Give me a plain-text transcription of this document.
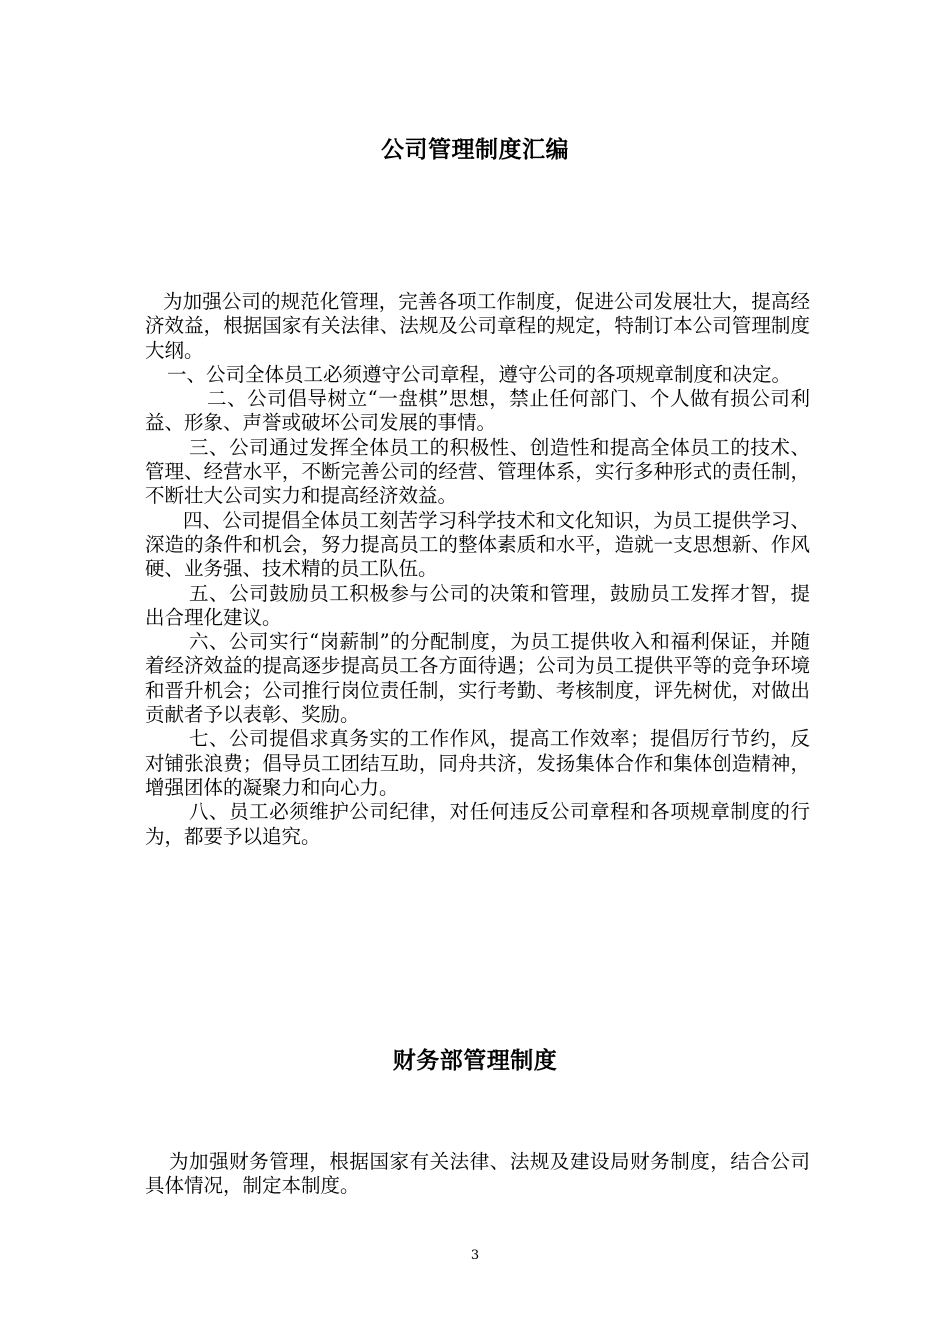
公司管理制度汇编

为加强公司的规范化管理，完善各项工作制度，促进公司发展壮大，提高经济效益，根据国家有关法律、法规及公司章程的规定，特制订本公司管理制度大纲。

一、公司全体员工必须遵守公司章程，遵守公司的各项规章制度和决定。

二、公司倡导树立“一盘棋”思想，禁止任何部门、个人做有损公司利益、形象、声誉或破坏公司发展的事情。

三、公司通过发挥全体员工的积极性、创造性和提高全体员工的技术、管理、经营水平，不断完善公司的经营、管理体系，实行多种形式的责任制，不断壮大公司实力和提高经济效益。

四、公司提倡全体员工刻苦学习科学技术和文化知识，为员工提供学习、深造的条件和机会，努力提高员工的整体素质和水平，造就一支思想新、作风硬、业务强、技术精的员工队伍。

五、公司鼓励员工积极参与公司的决策和管理，鼓励员工发挥才智，提出合理化建议。

六、公司实行“岗薪制”的分配制度，为员工提供收入和福利保证，并随着经济效益的提高逐步提高员工各方面待遇；公司为员工提供平等的竞争环境和晋升机会；公司推行岗位责任制，实行考勤、考核制度，评先树优，对做出贡献者予以表彰、奖励。

七、公司提倡求真务实的工作作风，提高工作效率；提倡厉行节约，反对铺张浪费；倡导员工团结互助，同舟共济，发扬集体合作和集体创造精神，增强团体的凝聚力和向心力。

八、员工必须维护公司纪律，对任何违反公司章程和各项规章制度的行为，都要予以追究。

财务部管理制度

为加强财务管理，根据国家有关法律、法规及建设局财务制度，结合公司具体情况，制定本制度。

3
